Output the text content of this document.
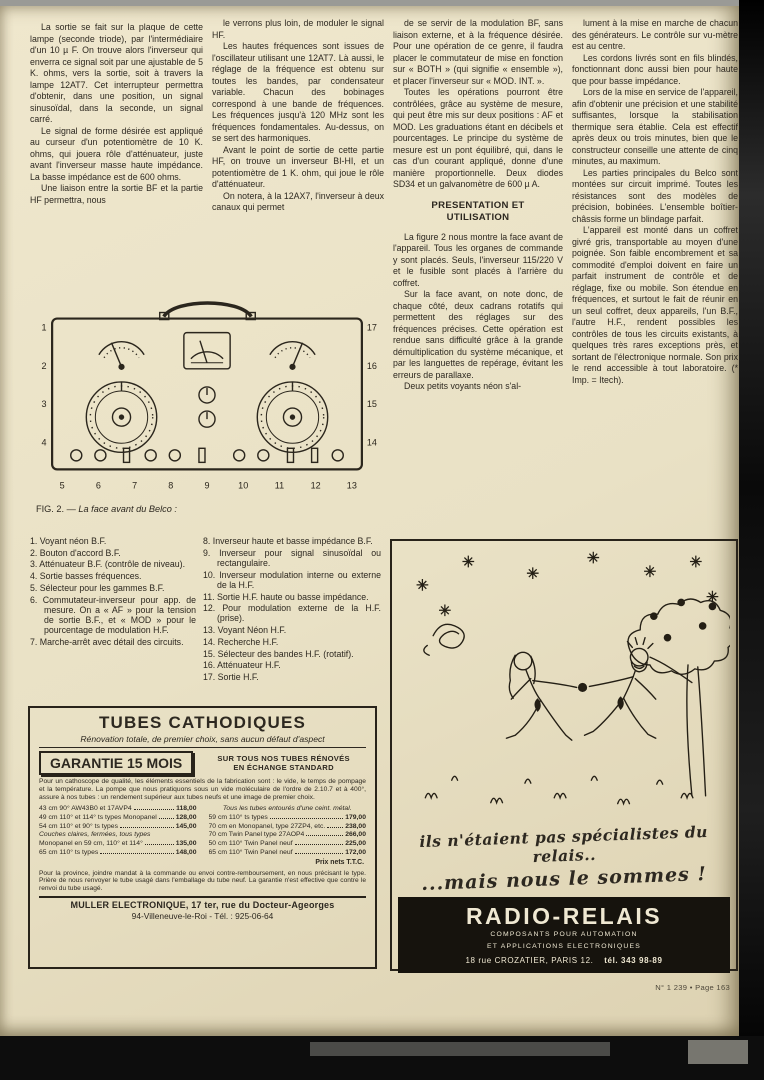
La sortie se fait sur la plaque de cette lampe (seconde triode), par l'intermédiaire d'un 10 µ F. On trouve alors l'inverseur qui enverra ce signal soit par une ajustable de 5 K. ohms, vers la sortie, soit à travers la lampe 12AT7. Cet interrupteur permettra d'obtenir, dans une position, un signal sinusoïdal, dans la seconde, un signal carré.

Le signal de forme désirée est appliqué au curseur d'un potentiomètre de 10 K. ohms, qui jouera rôle d'atténuateur, juste avant l'inverseur masse haute impédance. La basse impédance est de 600 ohms.

Une liaison entre la sortie BF et la partie HF permettra, nous

le verrons plus loin, de moduler le signal HF.

Les hautes fréquences sont issues de l'oscillateur utilisant une 12AT7. Là aussi, le réglage de la fréquence est obtenu sur toutes les bandes, par condensateur variable. Chacun des bobinages correspond à une bande de fréquences. Les fréquences jusqu'à 120 MHz sont les fréquences fondamentales. Au-dessus, on se sert des harmoniques.

Avant le point de sortie de cette partie HF, on trouve un inverseur BI-HI, et un potentiomètre de 1 K. ohm, qui joue le rôle d'atténuateur.

On notera, à la 12AX7, l'inverseur à deux canaux qui permet

de se servir de la modulation BF, sans liaison externe, et à la fréquence désirée. Pour une opération de ce genre, il faudra placer le commutateur de mise en fonction sur « BOTH » (qui signifie « ensemble »), et placer l'inverseur sur « MOD. INT. ».

Toutes les opérations pourront être contrôlées, grâce au système de mesure, qui peut être mis sur deux positions : AF et MOD. Les graduations étant en décibels et pourcentages. Le principe du système de mesure est un pont équilibré, qui, dans le cas d'un courant appliqué, donne d'une manière proportionnelle. Deux diodes SD34 et un galvanomètre de 600 µ A.

PRESENTATION ET UTILISATION

La figure 2 nous montre la face avant de l'appareil. Tous les organes de commande y sont placés. Seuls, l'inverseur 115/220 V et le fusible sont placés à l'arrière du coffret.

Sur la face avant, on note donc, de chaque côté, deux cadrans rotatifs qui permettent des réglages sur des fréquences précises. Cette opération est rendue sans difficulté grâce à la grande démultiplication du système mécanique, et par les languettes de repérage, évitant les erreurs de parallaxe.

Deux petits voyants néon s'al-

lument à la mise en marche de chacun des générateurs. Le contrôle sur vu-mètre est au centre.

Les cordons livrés sont en fils blindés, fonctionnant donc aussi bien pour haute que pour basse impédance.

Lors de la mise en service de l'appareil, afin d'obtenir une précision et une stabilité suffisantes, lorsque la stabilisation thermique sera établie. Cela est effectif après deux ou trois minutes, bien que le constructeur conseille une attente de cinq minutes, au maximum.

Les parties principales du Belco sont montées sur circuit imprimé. Toutes les résistances sont des modèles de précision, bobinées. L'ensemble boîtier-châssis forme un blindage parfait.

L'appareil est monté dans un coffret givré gris, transportable au moyen d'une poignée. Son faible encombrement et sa commodité d'emploi doivent en faire un parfait instrument de contrôle et de réglage, fixe ou mobile. Son étendue en fréquences, et surtout le fait de réunir en un seul coffret, deux appareils, l'un B.F., l'autre H.F., rendent possibles les contrôles de tous les circuits existants, à quelques très rares exceptions près, et sortant de l'électronique normale. Son prix le rend accessible à tout laboratoire. (* Imp. = Itech).

1
2
3
4
5	6	7	8	9	10	11	12	13
14
15
16
17
FIG. 2. — La face avant du Belco :
1. Voyant néon B.F.
2. Bouton d'accord B.F.
3. Atténuateur B.F. (contrôle de niveau).
4. Sortie basses fréquences.
5. Sélecteur pour les gammes B.F.
6. Commutateur-inverseur pour app. de mesure. On a « AF » pour la tension de sortie B.F., et « MOD » pour le pourcentage de modulation H.F.
7. Marche-arrêt avec détail des circuits.
8. Inverseur haute et basse impédance B.F.
9. Inverseur pour signal sinusoïdal ou rectangulaire.
10. Inverseur modulation interne ou externe de la H.F.
11. Sortie H.F. haute ou basse impédance.
12. Pour modulation externe de la H.F. (prise).
13. Voyant Néon H.F.
14. Recherche H.F.
15. Sélecteur des bandes H.F. (rotatif).
16. Atténuateur H.F.
17. Sortie H.F.
TUBES CATHODIQUES
Rénovation totale, de premier choix, sans aucun défaut d'aspect
GARANTIE 15 MOIS	SUR TOUS NOS TUBES RÉNOVÉS
EN ÉCHANGE STANDARD
Pour un cathoscope de qualité, les éléments essentiels de la fabrication sont : le vide, le temps de pompage et la température. La pompe que nous pratiquons sous un vide moléculaire de l'ordre de 2.10.7 et à 400°, assure à nos tubes : un rendement supérieur aux tubes neufs et une image de premier choix.
43 cm 90° AW43B0 et 17AVP4	118,00
49 cm 110° et 114° ts types Monopanel	128,00
54 cm 110° et 90° ts types	145,00
Couches claires, fermées, tous types
Monopanel en 59 cm, 110° et 114°	135,00
65 cm 110° ts types	148,00
Tous les tubes entourés d'une ceint. métal.
59 cm 110° ts types	179,00
70 cm en Monopanel, type 27ZP4, etc.	238,00
70 cm Twin Panel type 27AOP4	266,00
50 cm 110° Twin Panel neuf	225,00
65 cm 110° Twin Panel neuf	172,00
Prix nets T.T.C.
Pour la province, joindre mandat à la commande ou envoi contre-remboursement, en nous précisant le type. Prière de nous renvoyer le tube usagé dans l'emballage du tube neuf. La garantie n'est effective que contre le renvoi du tube usagé.
MULLER ELECTRONIQUE, 17 ter, rue du Docteur-Ageorges
94-Villeneuve-le-Roi - Tél. : 925-06-64
ils n'étaient pas spécialistes du relais..
...mais nous le sommes !
RADIO-RELAIS
COMPOSANTS POUR AUTOMATION
ET APPLICATIONS ELECTRONIQUES
18 rue CROZATIER, PARIS 12. tél. 343 98-89
N° 1 239 • Page 163
